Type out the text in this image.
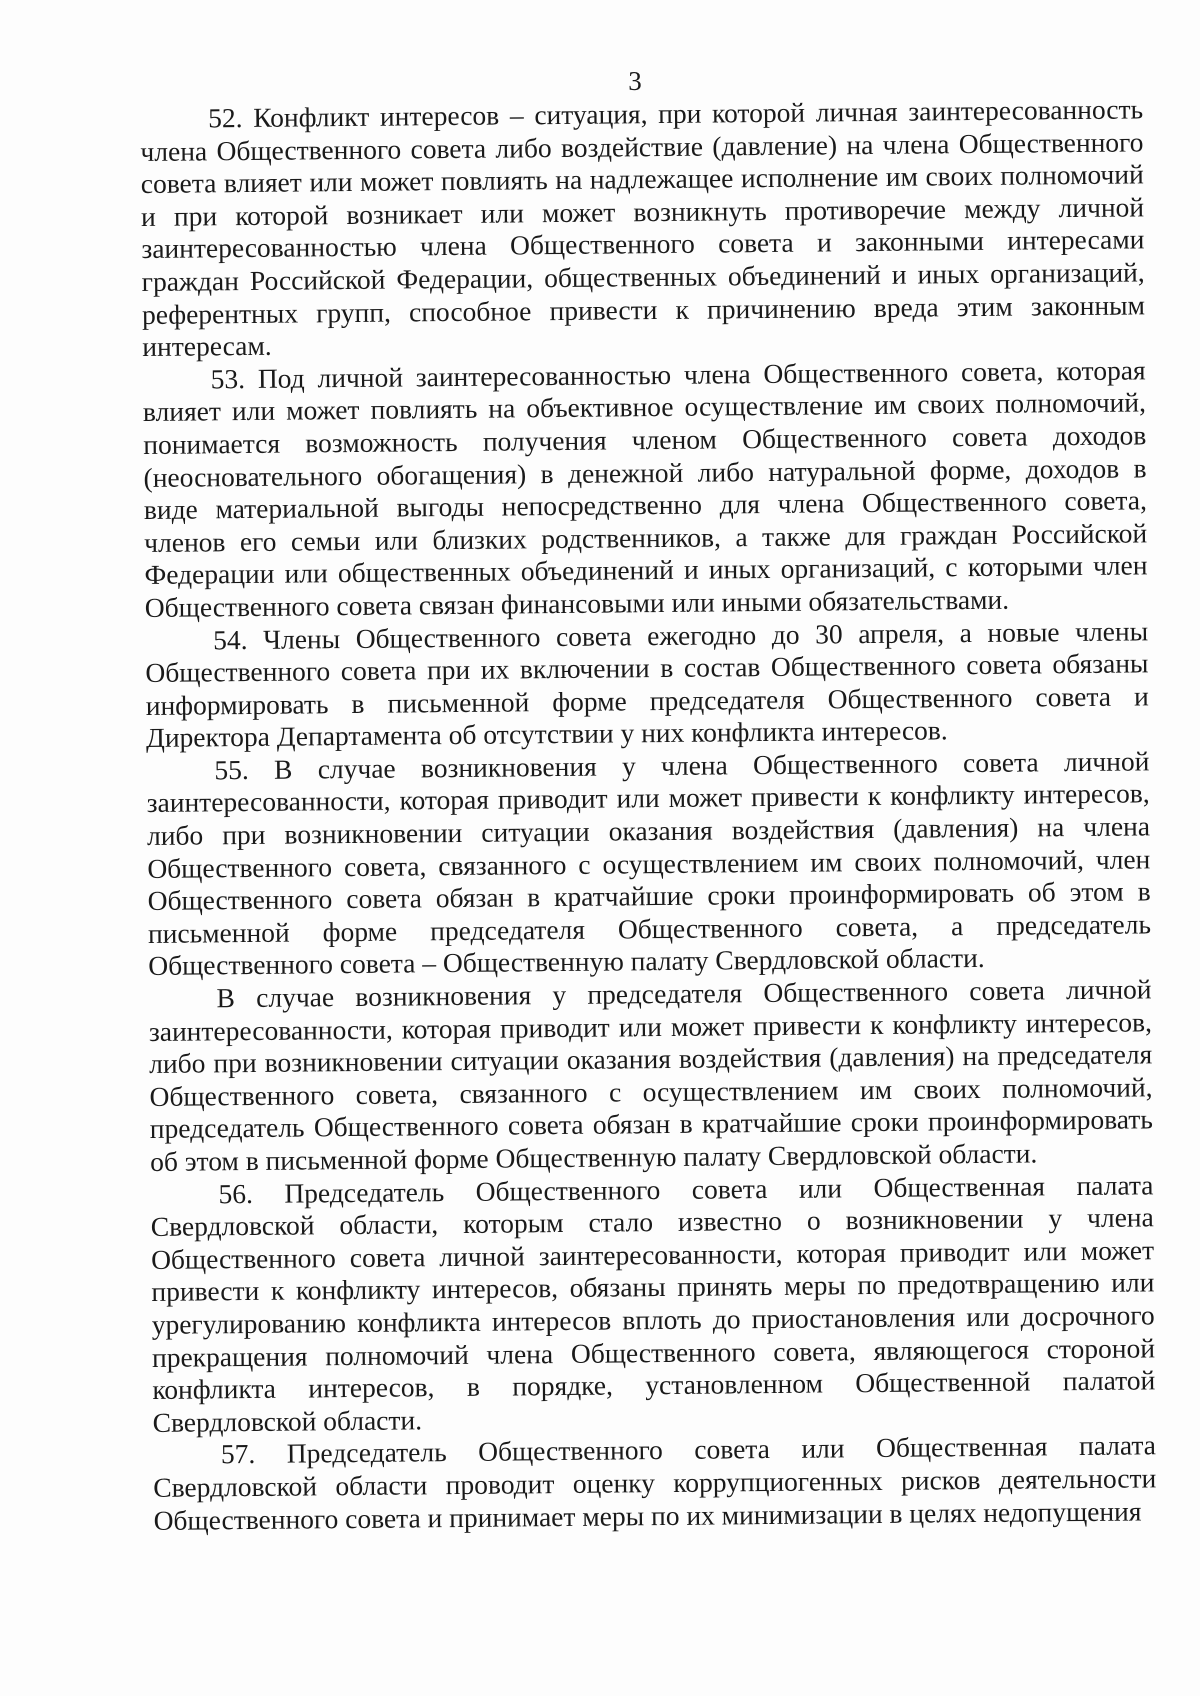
3

52. Конфликт интересов – ситуация, при которой личная заинтересованность члена Общественного совета либо воздействие (давление) на члена Общественного совета влияет или может повлиять на надлежащее исполнение им своих полномочий и при которой возникает или может возникнуть противоречие между личной заинтересованностью члена Общественного совета и законными интересами граждан Российской Федерации, общественных объединений и иных организаций, референтных групп, способное привести к причинению вреда этим законным интересам.

53. Под личной заинтересованностью члена Общественного совета, которая влияет или может повлиять на объективное осуществление им своих полномочий, понимается возможность получения членом Общественного совета доходов (неосновательного обогащения) в денежной либо натуральной форме, доходов в виде материальной выгоды непосредственно для члена Общественного совета, членов его семьи или близких родственников, а также для граждан Российской Федерации или общественных объединений и иных организаций, с которыми член Общественного совета связан финансовыми или иными обязательствами.

54. Члены Общественного совета ежегодно до 30 апреля, а новые члены Общественного совета при их включении в состав Общественного совета обязаны информировать в письменной форме председателя Общественного совета и Директора Департамента об отсутствии у них конфликта интересов.

55. В случае возникновения у члена Общественного совета личной заинтересованности, которая приводит или может привести к конфликту интересов, либо при возникновении ситуации оказания воздействия (давления) на члена Общественного совета, связанного с осуществлением им своих полномочий, член Общественного совета обязан в кратчайшие сроки проинформировать об этом в письменной форме председателя Общественного совета, а председатель Общественного совета – Общественную палату Свердловской области.

В случае возникновения у председателя Общественного совета личной заинтересованности, которая приводит или может привести к конфликту интересов, либо при возникновении ситуации оказания воздействия (давления) на председателя Общественного совета, связанного с осуществлением им своих полномочий, председатель Общественного совета обязан в кратчайшие сроки проинформировать об этом в письменной форме Общественную палату Свердловской области.

56. Председатель Общественного совета или Общественная палата Свердловской области, которым стало известно о возникновении у члена Общественного совета личной заинтересованности, которая приводит или может привести к конфликту интересов, обязаны принять меры по предотвращению или урегулированию конфликта интересов вплоть до приостановления или досрочного прекращения полномочий члена Общественного совета, являющегося стороной конфликта интересов, в порядке, установленном Общественной палатой Свердловской области.

57. Председатель Общественного совета или Общественная палата Свердловской области проводит оценку коррупциогенных рисков деятельности Общественного совета и принимает меры по их минимизации в целях недопущения
